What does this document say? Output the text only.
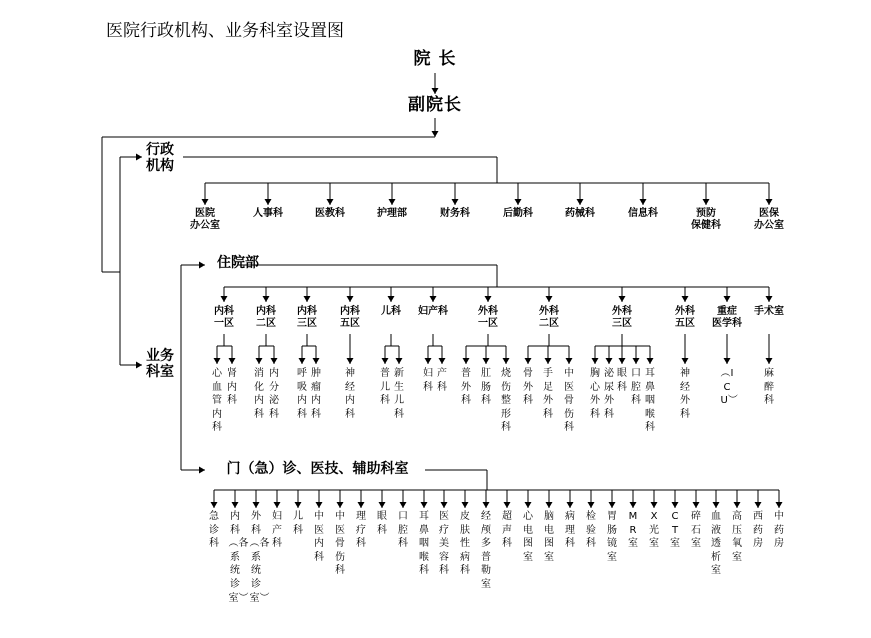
医院行政机构、业务科室设置图
院 长
副院长
行政
机构
业务
科室
住院部
门（急）诊、医技、辅助科室
医院
办公室
人事科	医教科	护理部	财务科	后勤科	药械科	信息科	预防
保健科
医保
办公室
内科
一区
心血管内科
肾内科
内科
二区
消化内科
内分泌科
内科
三区
呼吸内科
肿瘤内科
内科
五区
神经内科
儿科
普儿科
新生儿科
妇产科
妇科
产科
外科
一区
普外科
肛肠科
烧伤整形科
外科
二区
骨外科
手足外科
中医骨伤科
外科
三区
胸心外科
泌尿外科
眼科
口腔科
耳鼻咽喉科
外科
五区
神经外科
重症
医学科
︵ICU︶
手术室
麻醉科
急诊科
内科︵各系统诊室︶
外科︵各系统诊室︶
妇产科
儿科
中医内科
中医骨伤科
理疗科
眼科
口腔科
耳鼻咽喉科
医疗美容科
皮肤性病科
经颅多普勒室
超声科
心电图室
脑电图室
病理科
检验科
胃肠镜室
MR室
X光室
CT室
碎石室
血液透析室
高压氧室
西药房
中药房
